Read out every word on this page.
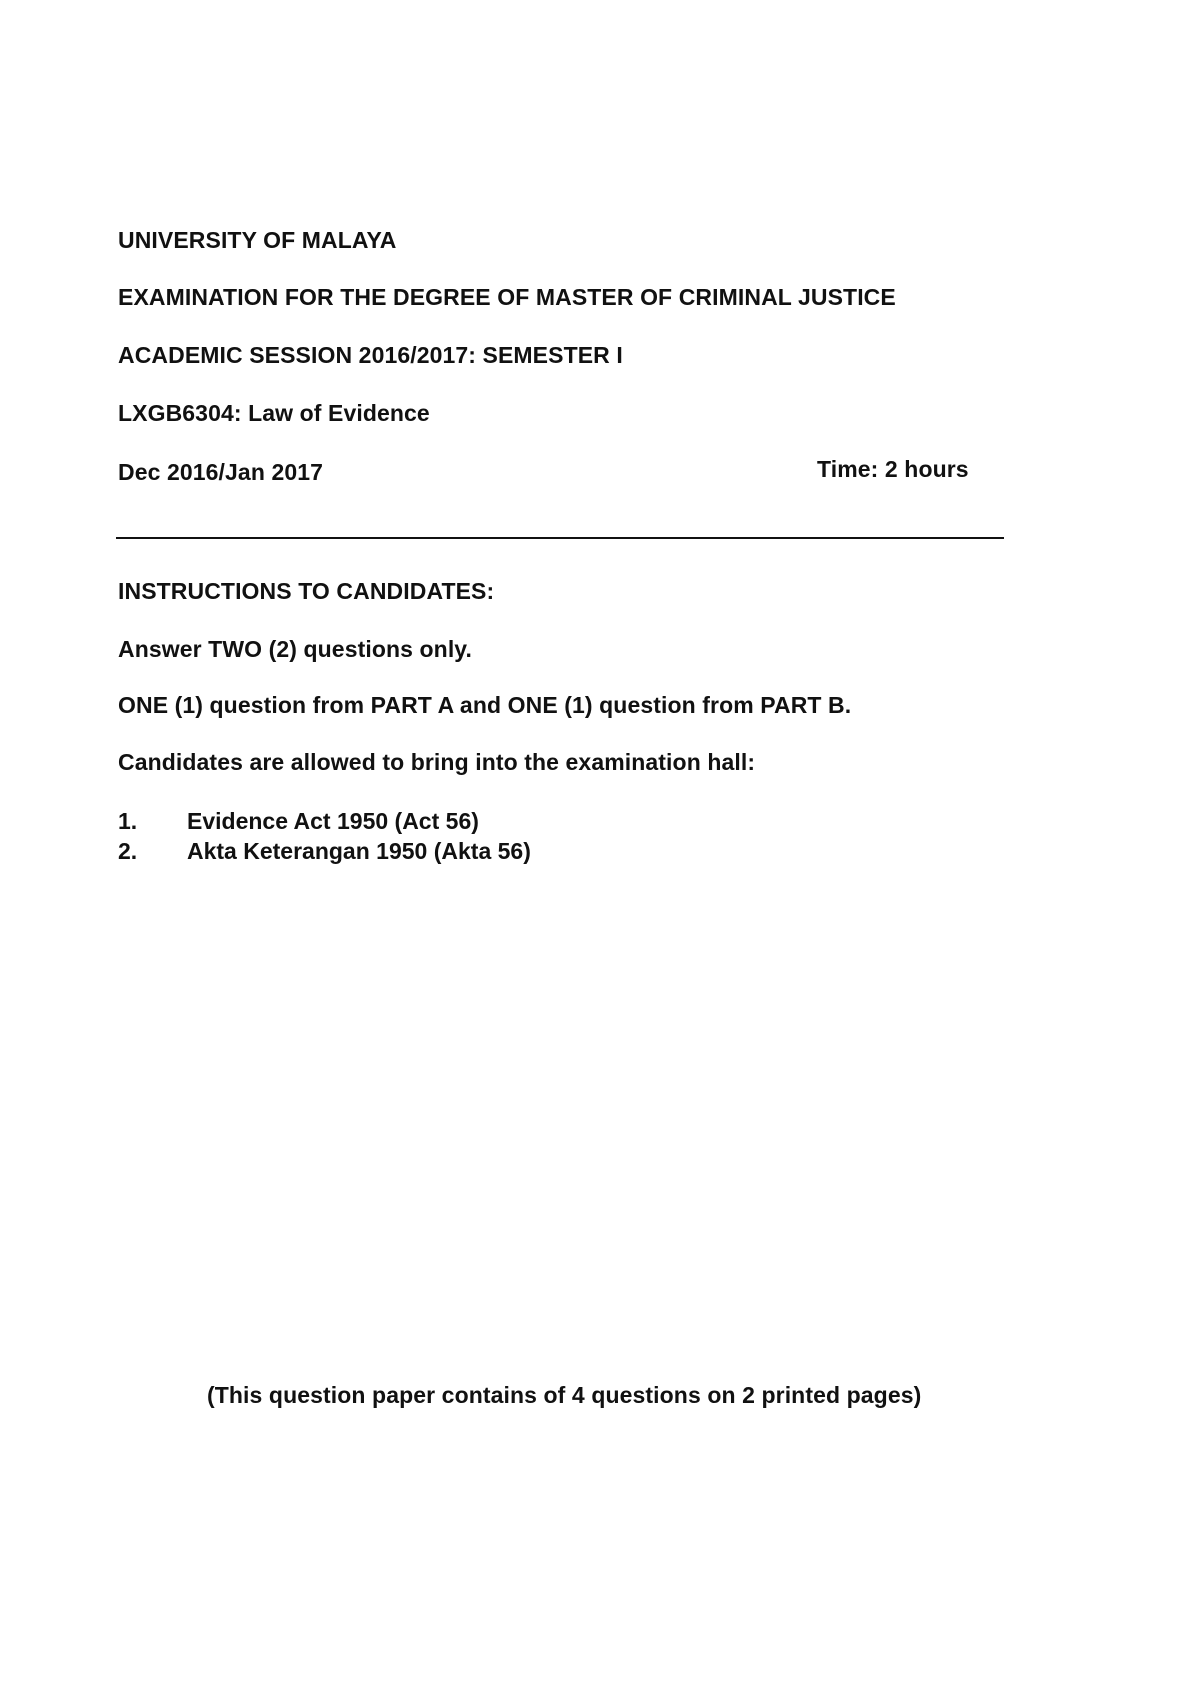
UNIVERSITY OF MALAYA
EXAMINATION FOR THE DEGREE OF MASTER OF CRIMINAL JUSTICE
ACADEMIC SESSION 2016/2017: SEMESTER I
LXGB6304: Law of Evidence
Dec 2016/Jan 2017	Time: 2 hours
INSTRUCTIONS TO CANDIDATES:
Answer TWO (2) questions only.
ONE (1) question from PART A and ONE (1) question from PART B.
Candidates are allowed to bring into the examination hall:
1. Evidence Act 1950 (Act 56)
2. Akta Keterangan 1950 (Akta 56)
(This question paper contains of 4 questions on 2 printed pages)
